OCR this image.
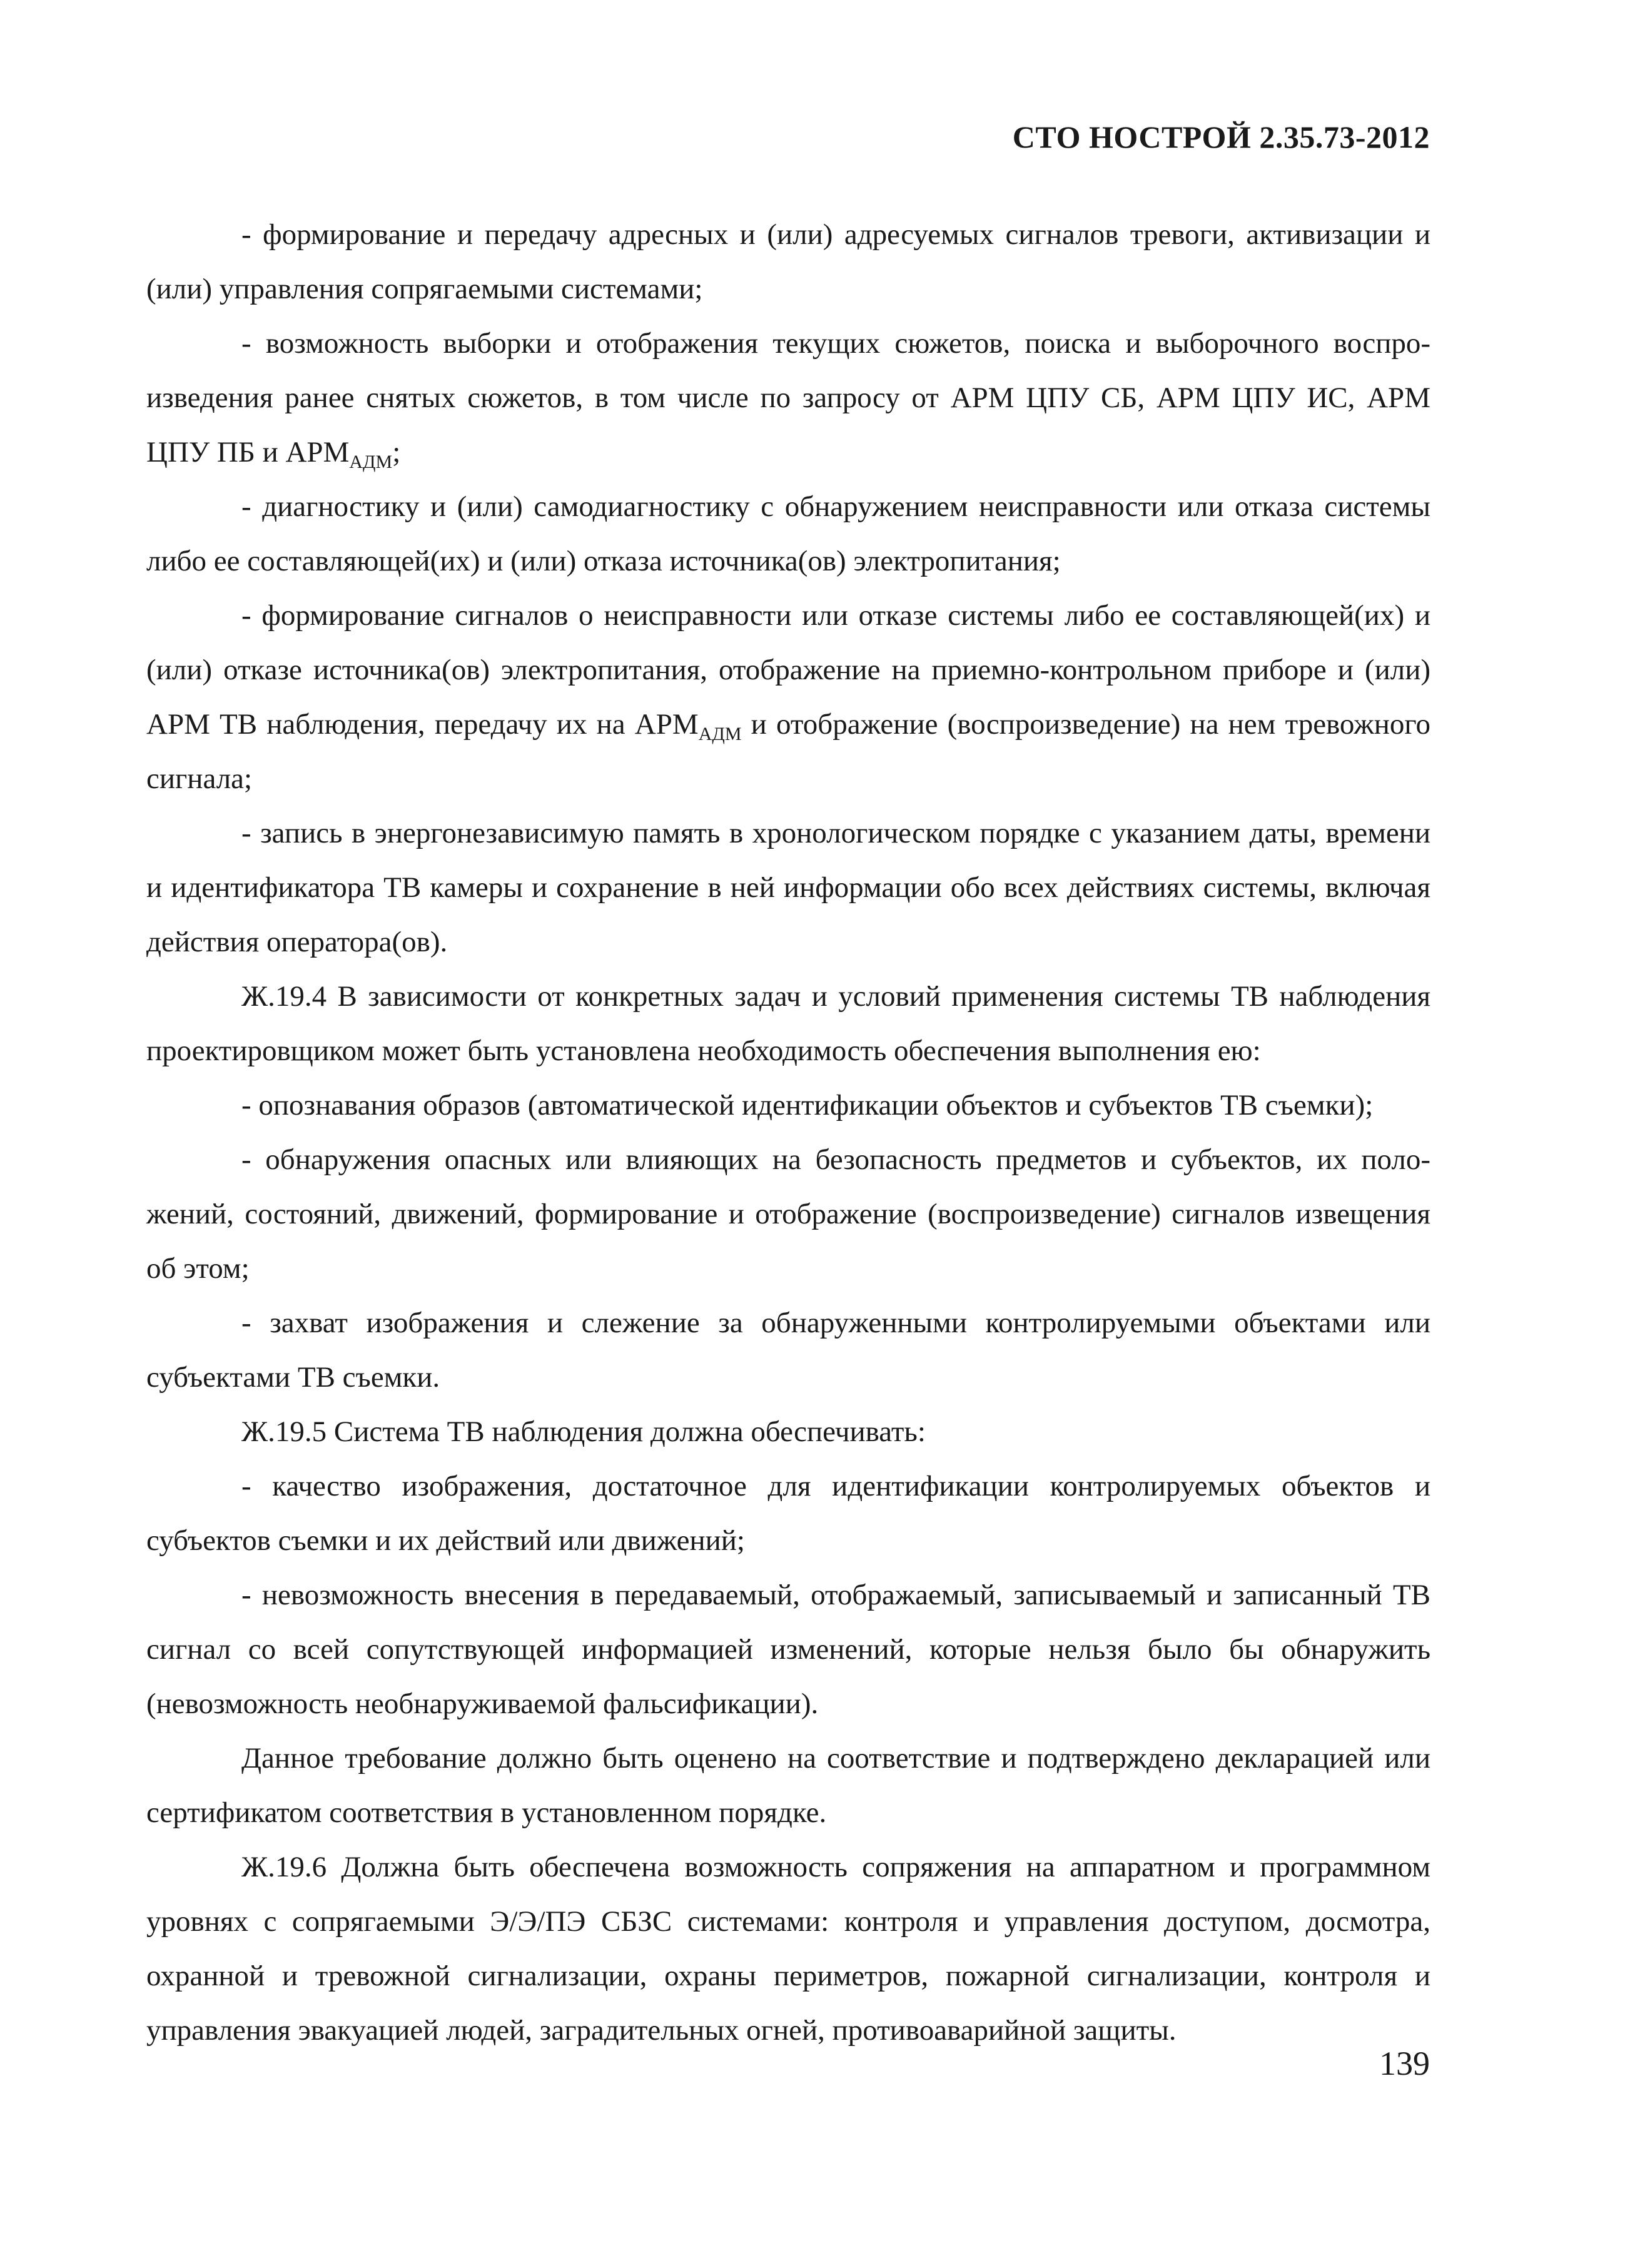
СТО НОСТРОЙ 2.35.73-2012

- формирование и передачу адресных и (или) адресуемых сигналов тревоги, активизации и (или) управления сопрягаемыми системами;

- возможность выборки и отображения текущих сюжетов, поиска и выборочного воспроизведения ранее снятых сюжетов, в том числе по запросу от АРМ ЦПУ СБ, АРМ ЦПУ ИС, АРМ ЦПУ ПБ и $АРМ_{АДМ}$;

- диагностику и (или) самодиагностику с обнаружением неисправности или отказа системы либо ее составляющей(их) и (или) отказа источника(ов) электропитания;

- формирование сигналов о неисправности или отказе системы либо ее составляющей(их) и (или) отказе источника(ов) электропитания, отображение на приемно-контрольном приборе и (или) АРМ ТВ наблюдения, передачу их на $АРМ_{АДМ}$ и отображение (воспроизведение) на нем тревожного сигнала;

- запись в энергонезависимую память в хронологическом порядке с указанием даты, времени и идентификатора ТВ камеры и сохранение в ней информации обо всех действиях системы, включая действия оператора(ов).

Ж.19.4 В зависимости от конкретных задач и условий применения системы ТВ наблюдения проектировщиком может быть установлена необходимость обеспечения выполнения ею:

- опознавания образов (автоматической идентификации объектов и субъектов ТВ съемки);

- обнаружения опасных или влияющих на безопасность предметов и субъектов, их положений, состояний, движений, формирование и отображение (воспроизведение) сигналов извещения об этом;

- захват изображения и слежение за обнаруженными контролируемыми объектами или субъектами ТВ съемки.

Ж.19.5 Система ТВ наблюдения должна обеспечивать:

- качество изображения, достаточное для идентификации контролируемых объектов и субъектов съемки и их действий или движений;

- невозможность внесения в передаваемый, отображаемый, записываемый и записанный ТВ сигнал со всей сопутствующей информацией изменений, которые нельзя было бы обнаружить (невозможность необнаруживаемой фальсификации).

Данное требование должно быть оценено на соответствие и подтверждено декларацией или сертификатом соответствия в установленном порядке.

Ж.19.6 Должна быть обеспечена возможность сопряжения на аппаратном и программном уровнях с сопрягаемыми Э/Э/ПЭ СБЗС системами: контроля и управления доступом, досмотра, охранной и тревожной сигнализации, охраны периметров, пожарной сигнализации, контроля и управления эвакуацией людей, заградительных огней, противоаварийной защиты.

139
